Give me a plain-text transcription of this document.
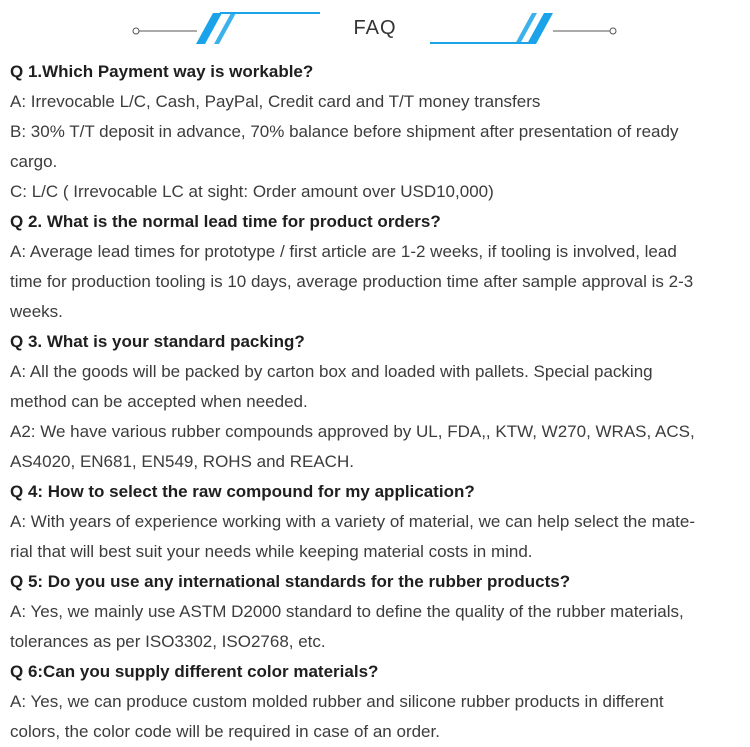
FAQ

Q 1.Which Payment way is workable?

A: Irrevocable L/C, Cash, PayPal, Credit card and T/T money transfers

B: 30% T/T deposit in advance, 70% balance before shipment after presentation of ready

cargo.

C: L/C ( Irrevocable LC at sight: Order amount over USD10,000)

Q 2. What is the normal lead time for product orders?

A: Average lead times for prototype / first article are 1-2 weeks, if tooling is involved, lead

time for production tooling is 10 days, average production time after sample approval is 2-3

weeks.

Q 3. What is your standard packing?

A: All the goods will be packed by carton box and loaded with pallets. Special packing

method can be accepted when needed.

A2: We have various rubber compounds approved by UL, FDA,, KTW, W270, WRAS, ACS,

AS4020, EN681, EN549, ROHS and REACH.

Q 4: How to select the raw compound for my application?

A: With years of experience working with a variety of material, we can help select the mate-

rial that will best suit your needs while keeping material costs in mind.

Q 5: Do you use any international standards for the rubber products?

A: Yes, we mainly use ASTM D2000 standard to define the quality of the rubber materials,

tolerances as per ISO3302, ISO2768, etc.

Q 6:Can you supply different color materials?

A: Yes, we can produce custom molded rubber and silicone rubber products in different

colors, the color code will be required in case of an order.
